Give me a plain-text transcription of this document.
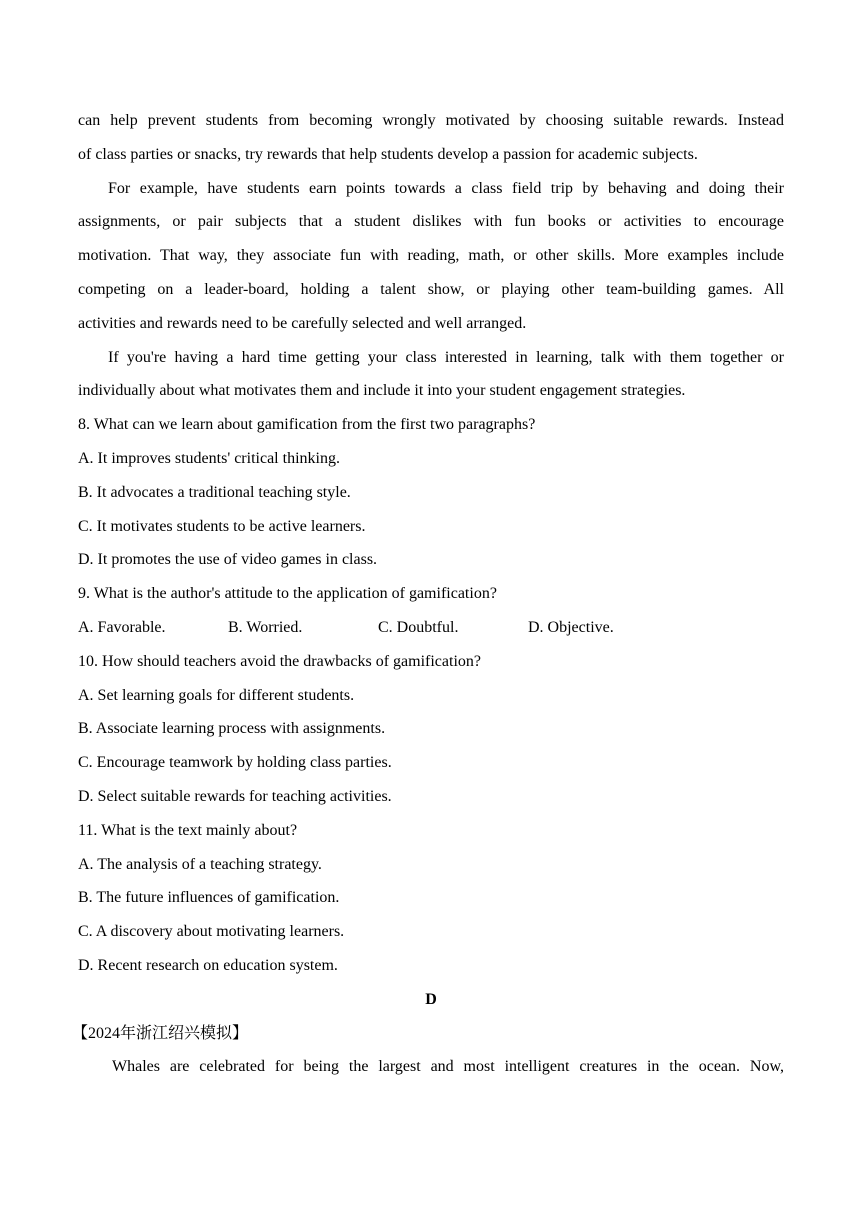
can help prevent students from becoming wrongly motivated by choosing suitable rewards. Instead
of class parties or snacks, try rewards that help students develop a passion for academic subjects.
For example, have students earn points towards a class field trip by behaving and doing their
assignments, or pair subjects that a student dislikes with fun books or activities to encourage
motivation. That way, they associate fun with reading, math, or other skills. More examples include
competing on a leader-board, holding a talent show, or playing other team-building games. All
activities and rewards need to be carefully selected and well arranged.
If you're having a hard time getting your class interested in learning, talk with them together or
individually about what motivates them and include it into your student engagement strategies.
8. What can we learn about gamification from the first two paragraphs?
A. It improves students' critical thinking.
B. It advocates a traditional teaching style.
C. It motivates students to be active learners.
D. It promotes the use of video games in class.
9. What is the author's attitude to the application of gamification?
A. Favorable.	B. Worried.	C. Doubtful.	D. Objective.
10. How should teachers avoid the drawbacks of gamification?
A. Set learning goals for different students.
B. Associate learning process with assignments.
C. Encourage teamwork by holding class parties.
D. Select suitable rewards for teaching activities.
11. What is the text mainly about?
A. The analysis of a teaching strategy.
B. The future influences of gamification.
C. A discovery about motivating learners.
D. Recent research on education system.
D
【2024年浙江绍兴模拟】
Whales are celebrated for being the largest and most intelligent creatures in the ocean. Now,
